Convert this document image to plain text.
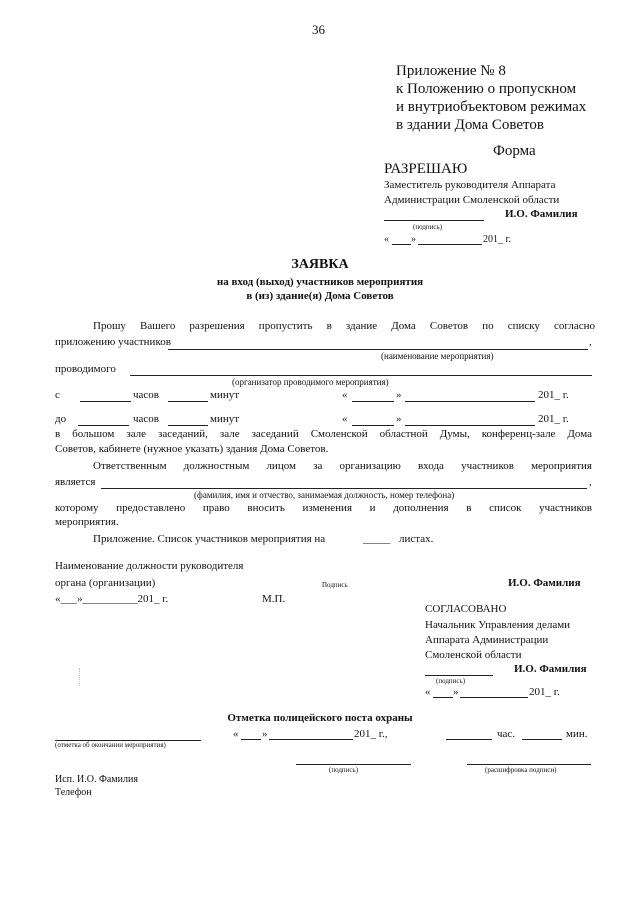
36
Приложение № 8
к Положению о пропускном
и внутриобъектовом режимах
в здании Дома Советов
Форма
РАЗРЕШАЮ
Заместитель руководителя Аппарата
Администрации Смоленской области
И.О. Фамилия
(подпись)
« »	201_ г.
ЗАЯВКА
на вход (выход) участников мероприятия
в (из) здание(я) Дома Советов
Прошу Вашего разрешения пропустить в здание Дома Советов по списку согласно
приложению участников	,
(наименование мероприятия)
проводимого
(организатор проводимого мероприятия)
с	часов	минут	«	»	201_ г.
до	часов	минут	«	»	201_ г.
в большом зале заседаний, зале заседаний Смоленской областной Думы, конференц-зале Дома
Советов, кабинете (нужное указать) здания Дома Советов.
Ответственным должностным лицом за организацию входа участников мероприятия
является	,
(фамилия, имя и отчество, занимаемая должность, номер телефона)
которому предоставлено право вносить изменения и дополнения в список участников
мероприятия.
Приложение. Список участников мероприятия на	_____ листах.
Наименование должности руководителя
органа (организации)	Подпись	И.О. Фамилия
«___»__________201_ г.	М.П.
СОГЛАСОВАНО
Начальник Управления делами
Аппарата Администрации
Смоленской области
И.О. Фамилия
(подпись)
« »	201_ г.
Отметка полицейского поста охраны
(отметка об окончании мероприятия)
« »	201_ г.,	час.	мин.
(подпись)	(расшифровка подписи)
Исп. И.О. Фамилия
Телефон
